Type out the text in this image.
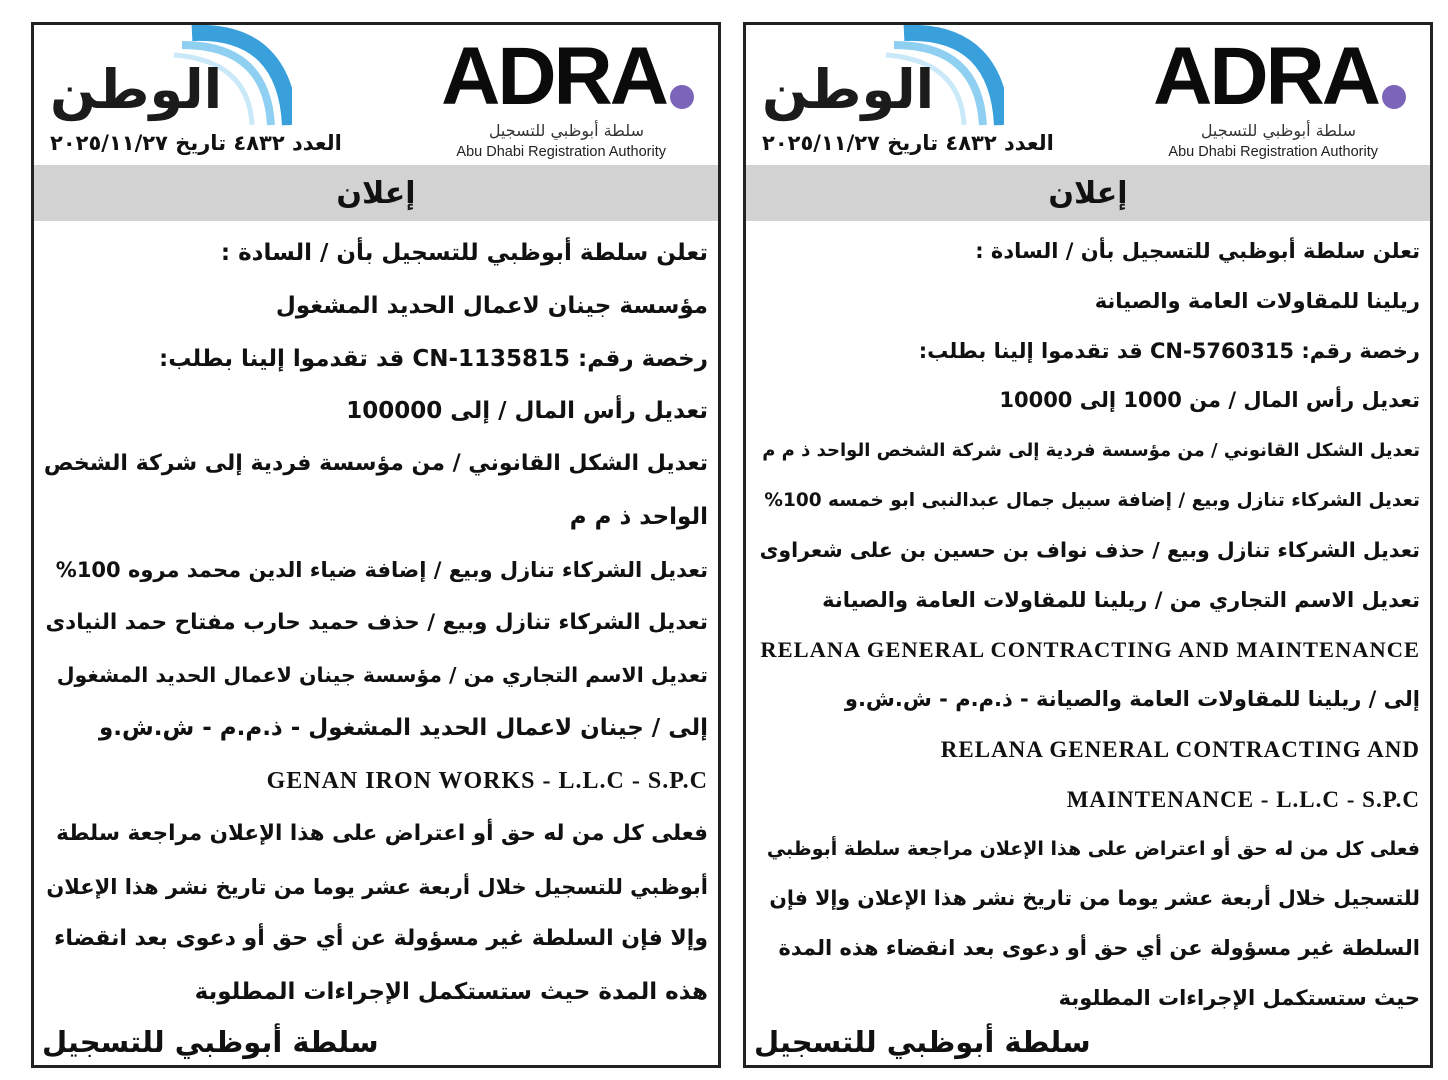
الوطن	ADRA
سلطة أبوظبي للتسجيل
Abu Dhabi Registration Authority
العدد ٤٨٣٢ تاريخ ٢٠٢٥/١١/٢٧
إعلان
تعلن سلطة أبوظبي للتسجيل بأن / السادة :
مؤسسة جينان لاعمال الحديد المشغول
رخصة رقم: CN-1135815 قد تقدموا إلينا بطلب:
تعديل رأس المال / إلى 100000
تعديل الشكل القانوني / من مؤسسة فردية إلى شركة الشخص
الواحد ذ م م
تعديل الشركاء تنازل وبيع / إضافة ضياء الدين محمد مروه 100%
تعديل الشركاء تنازل وبيع / حذف حميد حارب مفتاح حمد النيادى
تعديل الاسم التجاري من / مؤسسة جينان لاعمال الحديد المشغول
إلى / جينان لاعمال الحديد المشغول - ذ.م.م - ش.ش.و
GENAN IRON WORKS - L.L.C - S.P.C
فعلى كل من له حق أو اعتراض على هذا الإعلان مراجعة سلطة
أبوظبي للتسجيل خلال أربعة عشر يوما من تاريخ نشر هذا الإعلان
وإلا فإن السلطة غير مسؤولة عن أي حق أو دعوى بعد انقضاء
هذه المدة حيث ستستكمل الإجراءات المطلوبة
سلطة أبوظبي للتسجيل
الوطن	ADRA
سلطة أبوظبي للتسجيل
Abu Dhabi Registration Authority
العدد ٤٨٣٢ تاريخ ٢٠٢٥/١١/٢٧
إعلان
تعلن سلطة أبوظبي للتسجيل بأن / السادة :
ريلينا للمقاولات العامة والصيانة
رخصة رقم: CN-5760315 قد تقدموا إلينا بطلب:
تعديل رأس المال / من 1000 إلى 10000
تعديل الشكل القانوني / من مؤسسة فردية إلى شركة الشخص الواحد ذ م م
تعديل الشركاء تنازل وبيع / إضافة سبيل جمال عبدالنبى ابو خمسه 100%
تعديل الشركاء تنازل وبيع / حذف نواف بن حسين بن على شعراوى
تعديل الاسم التجاري من / ريلينا للمقاولات العامة والصيانة
RELANA GENERAL CONTRACTING AND MAINTENANCE
إلى / ريلينا للمقاولات العامة والصيانة - ذ.م.م - ش.ش.و
RELANA GENERAL CONTRACTING AND
MAINTENANCE - L.L.C - S.P.C
فعلى كل من له حق أو اعتراض على هذا الإعلان مراجعة سلطة أبوظبي
للتسجيل خلال أربعة عشر يوما من تاريخ نشر هذا الإعلان وإلا فإن
السلطة غير مسؤولة عن أي حق أو دعوى بعد انقضاء هذه المدة
حيث ستستكمل الإجراءات المطلوبة
سلطة أبوظبي للتسجيل
